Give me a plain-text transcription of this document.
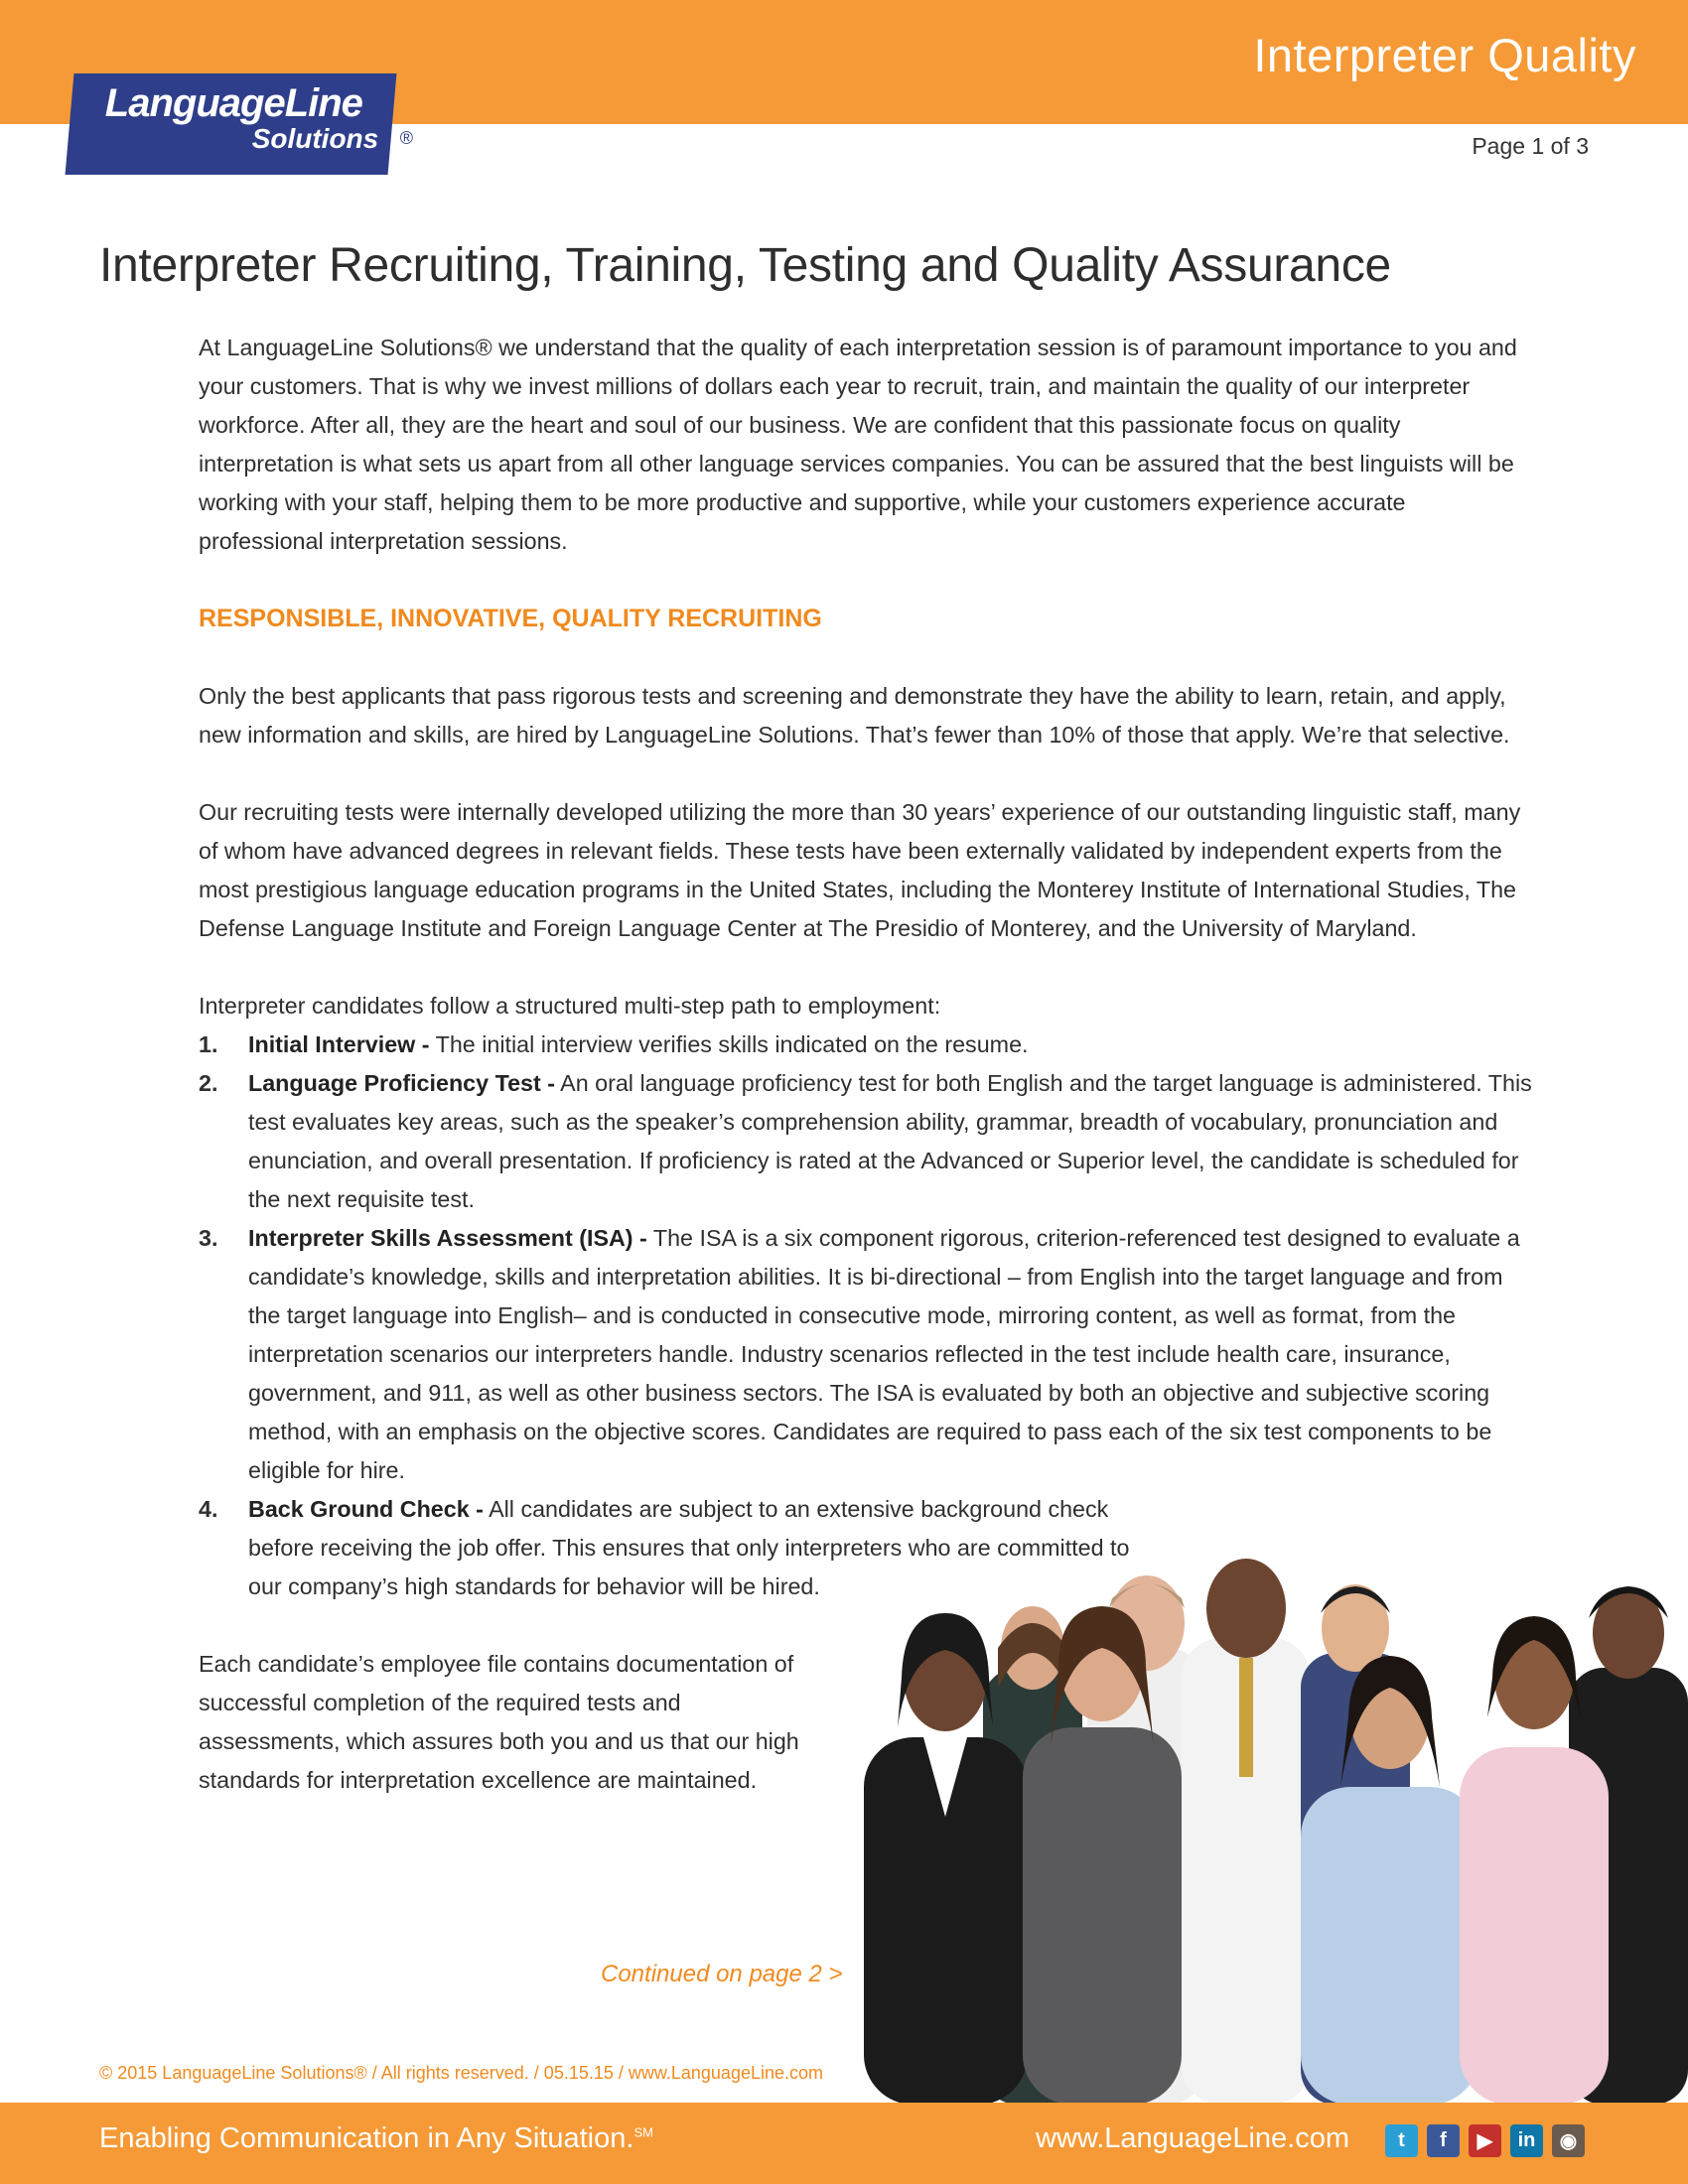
Interpreter Quality
LanguageLine
Solutions ®	Page 1 of 3
Interpreter Recruiting, Training, Testing and Quality Assurance

At LanguageLine Solutions® we understand that the quality of each interpretation session is of paramount importance to you and your customers. That is why we invest millions of dollars each year to recruit, train, and maintain the quality of our interpreter workforce. After all, they are the heart and soul of our business. We are confident that this passionate focus on quality interpretation is what sets us apart from all other language services companies. You can be assured that the best linguists will be working with your staff, helping them to be more productive and supportive, while your customers experience accurate professional interpretation sessions.

RESPONSIBLE, INNOVATIVE, QUALITY RECRUITING

Only the best applicants that pass rigorous tests and screening and demonstrate they have the ability to learn, retain, and apply, new information and skills, are hired by LanguageLine Solutions. That’s fewer than 10% of those that apply. We’re that selective.

Our recruiting tests were internally developed utilizing the more than 30 years’ experience of our outstanding linguistic staff, many of whom have advanced degrees in relevant fields. These tests have been externally validated by independent experts from the most prestigious language education programs in the United States, including the Monterey Institute of International Studies, The Defense Language Institute and Foreign Language Center at The Presidio of Monterey, and the University of Maryland.

Interpreter candidates follow a structured multi-step path to employment:

1. Initial Interview - The initial interview verifies skills indicated on the resume.
2. Language Proficiency Test - An oral language proficiency test for both English and the target language is administered. This test evaluates key areas, such as the speaker’s comprehension ability, grammar, breadth of vocabulary, pronunciation and enunciation, and overall presentation. If proficiency is rated at the Advanced or Superior level, the candidate is scheduled for the next requisite test.
3. Interpreter Skills Assessment (ISA) - The ISA is a six component rigorous, criterion-referenced test designed to evaluate a candidate’s knowledge, skills and interpretation abilities. It is bi-directional – from English into the target language and from the target language into English– and is conducted in consecutive mode, mirroring content, as well as format, from the interpretation scenarios our interpreters handle. Industry scenarios reflected in the test include health care, insurance, government, and 911, as well as other business sectors. The ISA is evaluated by both an objective and subjective scoring method, with an emphasis on the objective scores. Candidates are required to pass each of the six test components to be eligible for hire.
4. Back Ground Check - All candidates are subject to an extensive background check before receiving the job offer. This ensures that only interpreters who are committed to our company’s high standards for behavior will be hired.

Each candidate’s employee file contains documentation of successful completion of the required tests and assessments, which assures both you and us that our high standards for interpretation excellence are maintained.

Continued on page 2 >
© 2015 LanguageLine Solutions® / All rights reserved. / 05.15.15 / www.LanguageLine.com
Enabling Communication in Any Situation.℠	www.LanguageLine.com	t	f	▶	in	◉
